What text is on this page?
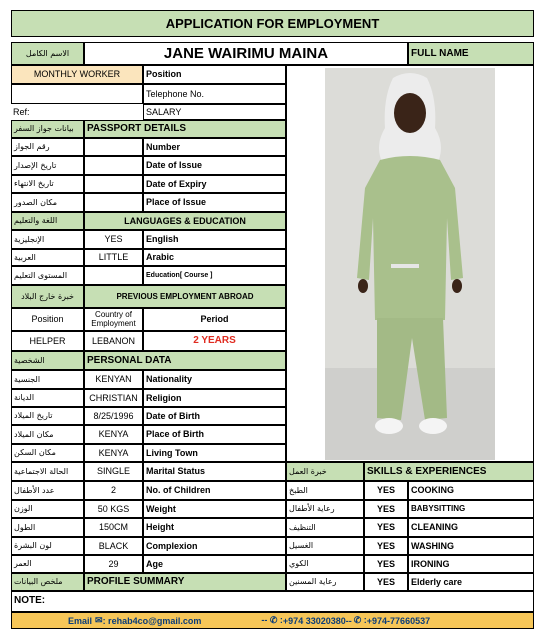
APPLICATION FOR EMPLOYMENT
الاسم الكامل	JANE WAIRIMU MAINA	FULL NAME
MONTHLY WORKER	Position
Telephone No.
Ref:	SALARY
بيانات جواز السفر	PASSPORT DETAILS
رقم الجواز	Number
تاريخ الإصدار	Date of Issue
تاريخ الانتهاء	Date of Expiry
مكان الصدور	Place of Issue
اللغة والتعليم	LANGUAGES & EDUCATION
الإنجليزية	YES	English
العربية	LITTLE	Arabic
المستوى التعليم	Education[ Course ]
خبرة خارج البلاد	PREVIOUS EMPLOYMENT ABROAD
Position	Country of Employment	Period
HELPER	LEBANON	2 YEARS
الشخصية	PERSONAL DATA
الجنسية	KENYAN	Nationality
الديانة	CHRISTIAN Religion
تاريخ الميلاد	8/25/1996	Date of Birth
مكان الميلاد	KENYA	Place of Birth
مكان السكن	KENYA	Living Town
الحالة الاجتماعية	SINGLE	Marital Status
عدد الأطفال	2	No. of Children
الوزن	50 KGS	Weight
الطول	150CM	Height
لون البشرة	BLACK	Complexion
العمر	29	Age
ملخص البيانات	PROFILE SUMMARY
خبرة العمل	SKILLS & EXPERIENCES
الطبخ	YES	COOKING
رعاية الأطفال	YES	BABYSITTING
التنظيف	YES	CLEANING
الغسيل	YES	WASHING
الكوي	YES	IRONING
رعاية المسنين	YES	Elderly care
NOTE:
Email ✉ : rehab4co@gmail.com	-- ✆ : +974 33020380-- ✆ : +974-77660537
